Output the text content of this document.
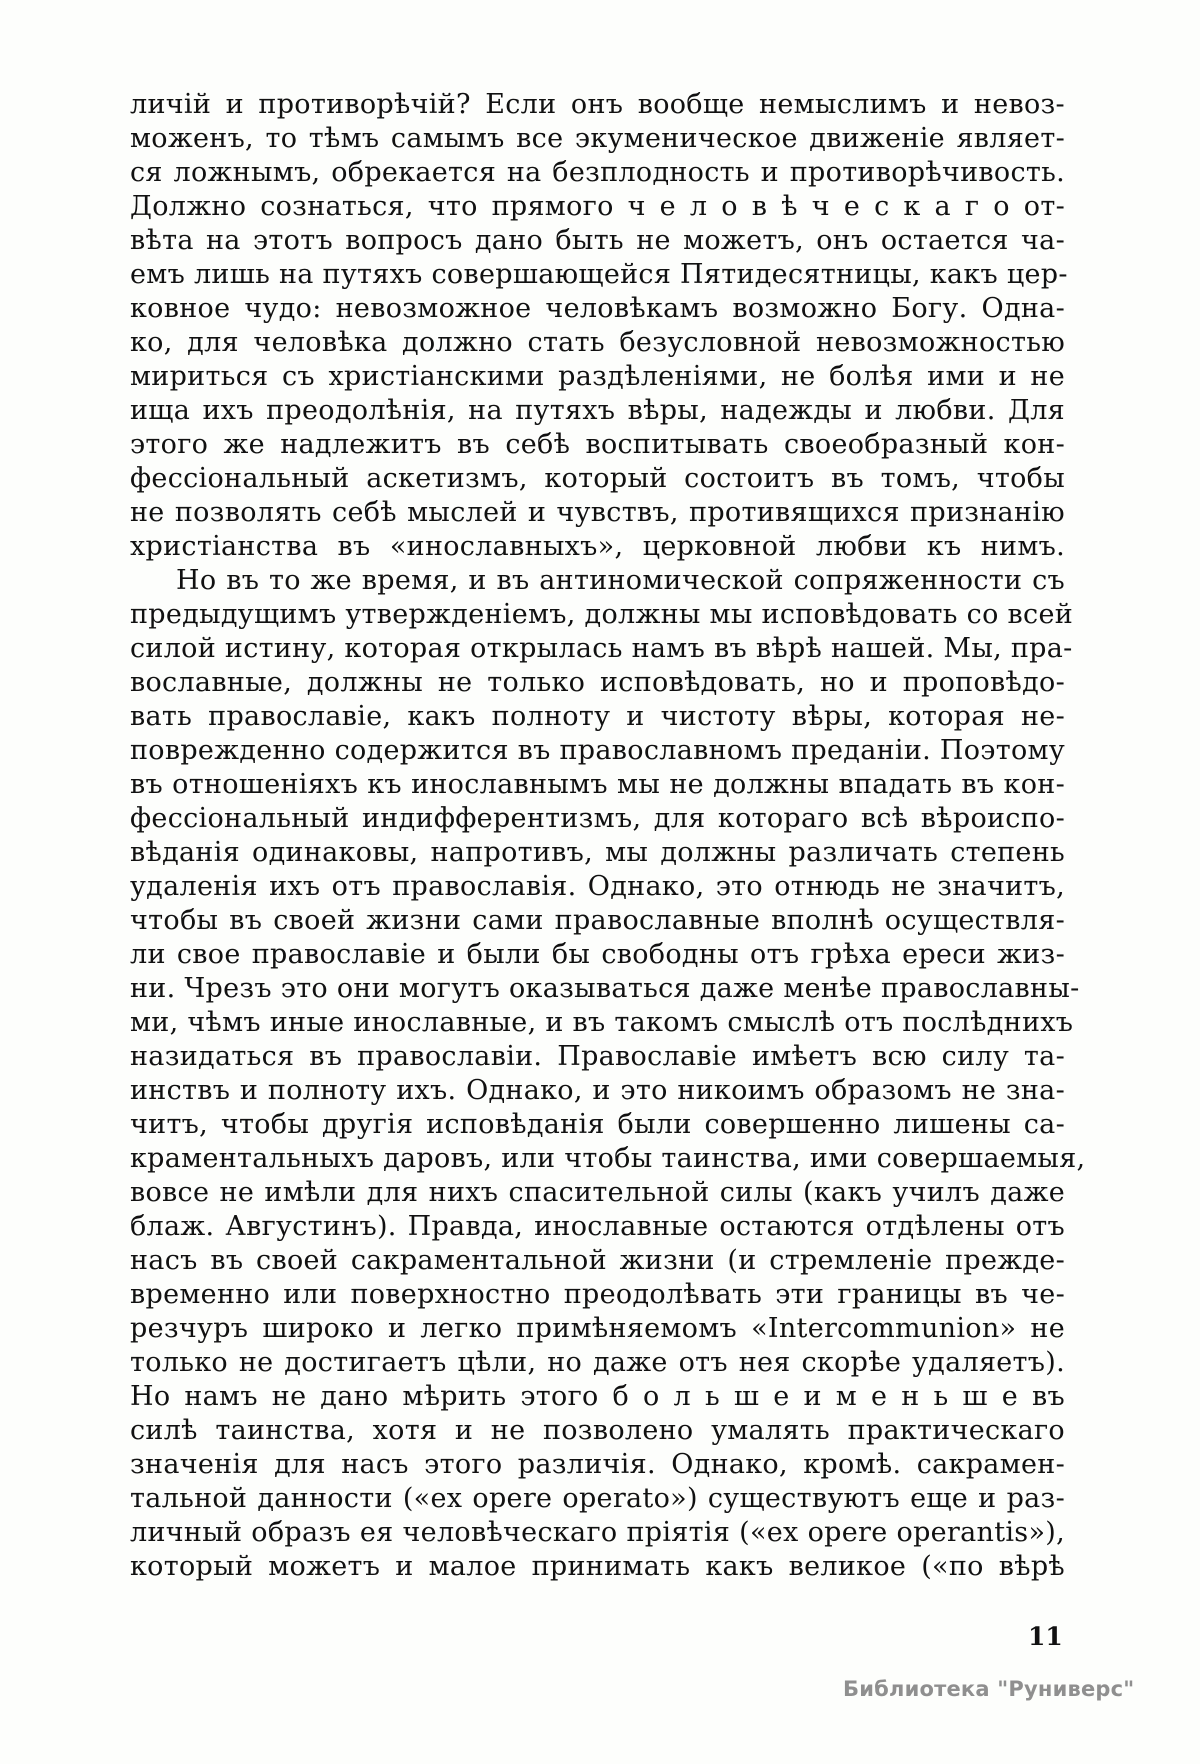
личій и противорѣчій? Если онъ вообще немыслимъ и невоз-
моженъ, то тѣмъ самымъ все экуменическое движеніе являет-
ся ложнымъ, обрекается на безплодность и противорѣчивость.
Должно сознаться, что прямого ч е л о в ѣ ч е с к а г о от-
вѣта на этотъ вопросъ дано быть не можетъ, онъ остается ча-
емъ лишь на путяхъ совершающейся Пятидесятницы, какъ цер-
ковное чудо: невозможное человѣкамъ возможно Богу. Одна-
ко, для человѣка должно стать безусловной невозможностью
мириться съ христіанскими раздѣленіями, не болѣя ими и не
ища ихъ преодолѣнія, на путяхъ вѣры, надежды и любви. Для
этого же надлежитъ въ себѣ воспитывать своеобразный кон-
фессіональный аскетизмъ, который состоитъ въ томъ, чтобы
не позволять себѣ мыслей и чувствъ, противящихся признанію
христіанства въ «инославныхъ», церковной любви къ нимъ.
Но въ то же время, и въ антиномической сопряженности съ
предыдущимъ утвержденіемъ, должны мы исповѣдовать со всей
силой истину, которая открылась намъ въ вѣрѣ нашей. Мы, пра-
вославные, должны не только исповѣдовать, но и проповѣдо-
вать православіе, какъ полноту и чистоту вѣры, которая не-
поврежденно содержится въ православномъ преданіи. Поэтому
въ отношеніяхъ къ инославнымъ мы не должны впадать въ кон-
фессіональный индифферентизмъ, для котораго всѣ вѣроиспо-
вѣданія одинаковы, напротивъ, мы должны различать степень
удаленія ихъ отъ православія. Однако, это отнюдь не значитъ,
чтобы въ своей жизни сами православные вполнѣ осуществля-
ли свое православіе и были бы свободны отъ грѣха ереси жиз-
ни. Чрезъ это они могутъ оказываться даже менѣе православны-
ми, чѣмъ иные инославные, и въ такомъ смыслѣ отъ послѣднихъ
назидаться въ православіи. Православіе имѣетъ всю силу та-
инствъ и полноту ихъ. Однако, и это никоимъ образомъ не зна-
читъ, чтобы другія исповѣданія были совершенно лишены са-
краментальныхъ даровъ, или чтобы таинства, ими совершаемыя,
вовсе не имѣли для нихъ спасительной силы (какъ училъ даже
блаж. Августинъ). Правда, инославные остаются отдѣлены отъ
насъ въ своей сакраментальной жизни (и стремленіе прежде-
временно или поверхностно преодолѣвать эти границы въ че-
резчуръ широко и легко примѣняемомъ «Intercommunion» не
только не достигаетъ цѣли, но даже отъ нея скорѣе удаляетъ).
Но намъ не дано мѣрить этого б о л ь ш е и м е н ь ш е въ
силѣ таинства, хотя и не позволено умалять практическаго
значенія для насъ этого различія. Однако, кромѣ. сакрамен-
тальной данности («ex opere operato») существуютъ еще и раз-
личный образъ ея человѣческаго пріятія («ex opere operantis»),
который можетъ и малое принимать какъ великое («по вѣрѣ
11
Библиотека "Руниверс"
